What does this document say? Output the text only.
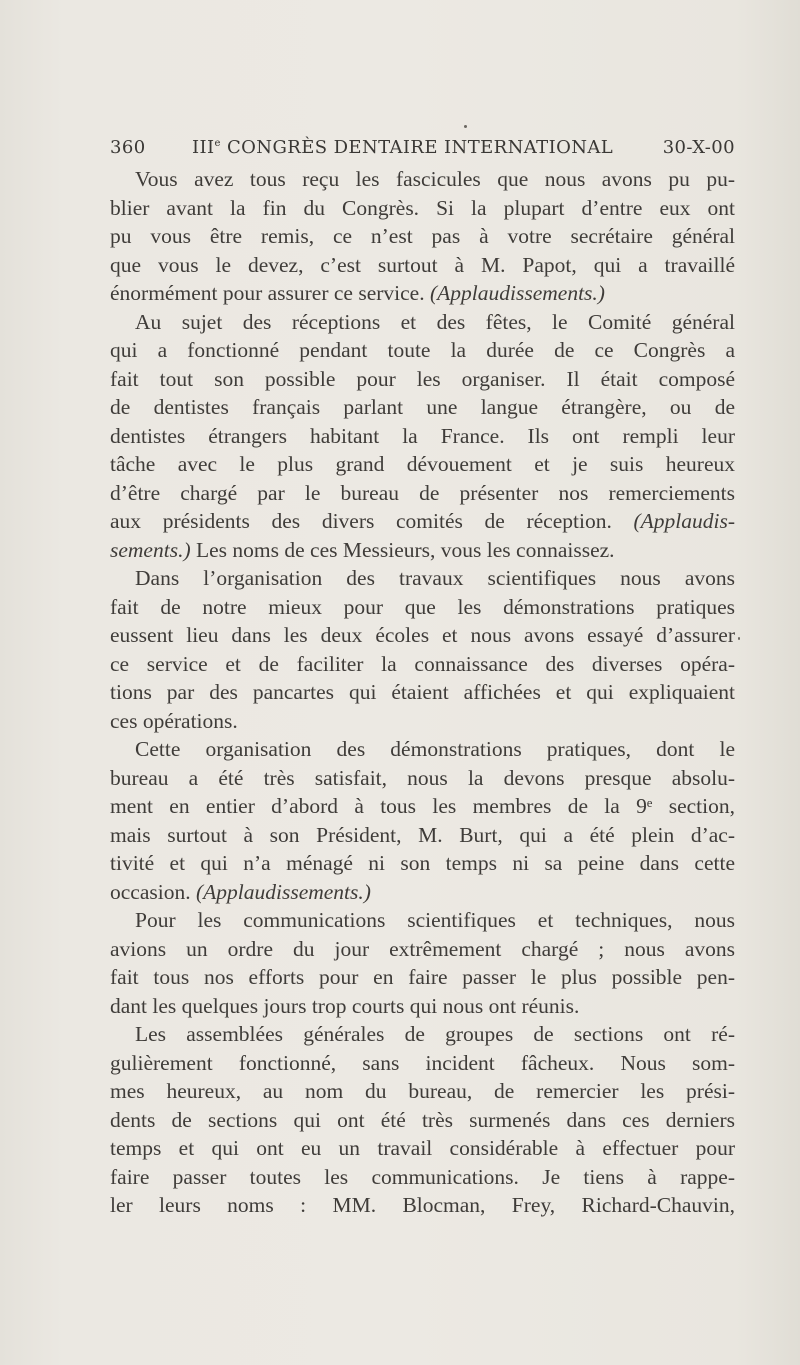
360	IIIe CONGRÈS DENTAIRE INTERNATIONAL	30-X-00
Vous avez tous reçu les fascicules que nous avons pu pu-
blier avant la fin du Congrès. Si la plupart d’entre eux ont
pu vous être remis, ce n’est pas à votre secrétaire général
que vous le devez, c’est surtout à M. Papot, qui a travaillé
énormément pour assurer ce service. (Applaudissements.)
Au sujet des réceptions et des fêtes, le Comité général
qui a fonctionné pendant toute la durée de ce Congrès a
fait tout son possible pour les organiser. Il était composé
de dentistes français parlant une langue étrangère, ou de
dentistes étrangers habitant la France. Ils ont rempli leur
tâche avec le plus grand dévouement et je suis heureux
d’être chargé par le bureau de présenter nos remerciements
aux présidents des divers comités de réception. (Applaudis-
sements.) Les noms de ces Messieurs, vous les connaissez.
Dans l’organisation des travaux scientifiques nous avons
fait de notre mieux pour que les démonstrations pratiques
eussent lieu dans les deux écoles et nous avons essayé d’assurer
ce service et de faciliter la connaissance des diverses opéra-
tions par des pancartes qui étaient affichées et qui expliquaient
ces opérations.
Cette organisation des démonstrations pratiques, dont le
bureau a été très satisfait, nous la devons presque absolu-
ment en entier d’abord à tous les membres de la 9ᵉ section,
mais surtout à son Président, M. Burt, qui a été plein d’ac-
tivité et qui n’a ménagé ni son temps ni sa peine dans cette
occasion. (Applaudissements.)
Pour les communications scientifiques et techniques, nous
avions un ordre du jour extrêmement chargé ; nous avons
fait tous nos efforts pour en faire passer le plus possible pen-
dant les quelques jours trop courts qui nous ont réunis.
Les assemblées générales de groupes de sections ont ré-
gulièrement fonctionné, sans incident fâcheux. Nous som-
mes heureux, au nom du bureau, de remercier les prési-
dents de sections qui ont été très surmenés dans ces derniers
temps et qui ont eu un travail considérable à effectuer pour
faire passer toutes les communications. Je tiens à rappe-
ler leurs noms : MM. Blocman, Frey, Richard-Chauvin,
